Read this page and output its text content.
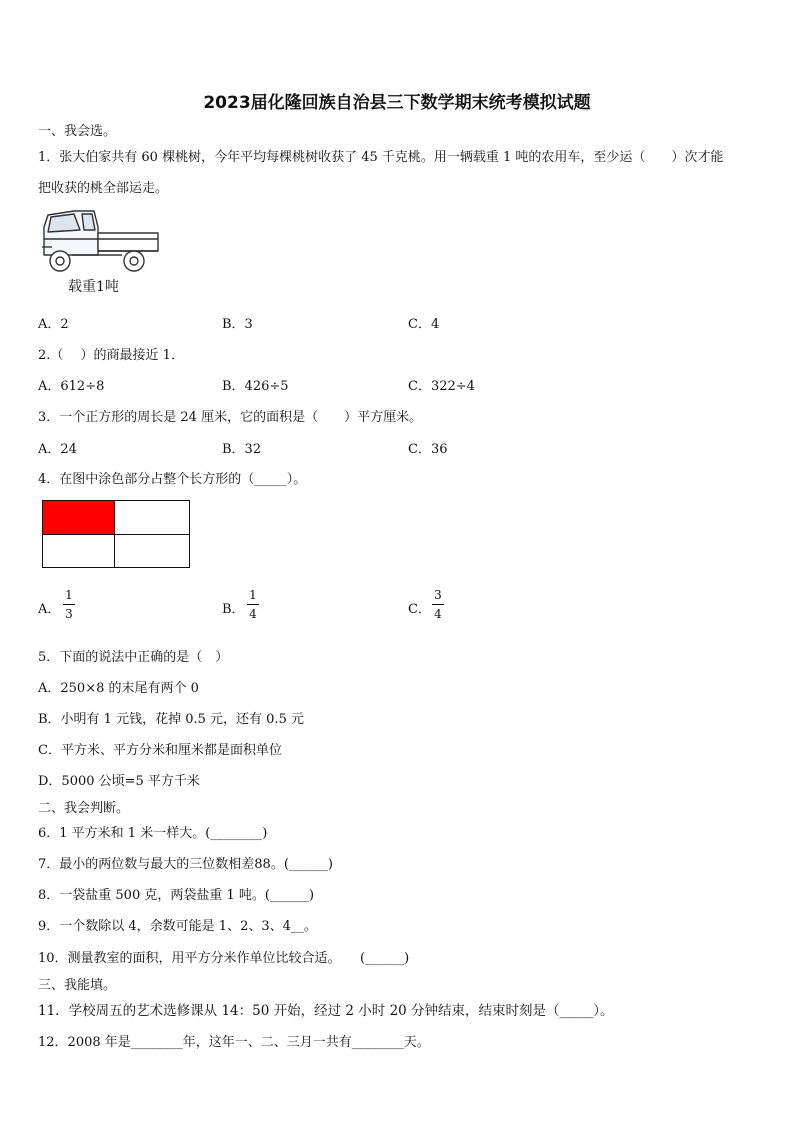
2023届化隆回族自治县三下数学期末统考模拟试题
一、我会选。
1．张大伯家共有 60 棵桃树，今年平均每棵桃树收获了 45 千克桃。用一辆载重 1 吨的农用车，至少运（　　）次才能
把收获的桃全部运走。
载重1吨
A．2	B．3	C．4
2.（　 ）的商最接近 1．
A．612÷8	B．426÷5	C．322÷4
3．一个正方形的周长是 24 厘米，它的面积是（　　）平方厘米。
A．24	B．32	C．36
4．在图中涂色部分占整个长方形的（_____）。
A．
1
3	B．
1
4	C．
3
4
5．下面的说法中正确的是（　）
A．250×8 的末尾有两个 0
B．小明有 1 元钱，花掉 0.5 元，还有 0.5 元
C．平方米、平方分米和厘米都是面积单位
D．5000 公顷=5 平方千米
二、我会判断。
6．1 平方米和 1 米一样大。(________)
7．最小的两位数与最大的三位数相差88。(______)
8．一袋盐重 500 克，两袋盐重 1 吨。(______)
9．一个数除以 4，余数可能是 1、2、3、4__。
10．测量教室的面积，用平方分米作单位比较合适。　　(______)
三、我能填。
11．学校周五的艺术选修课从 14：50 开始，经过 2 小时 20 分钟结束，结束时刻是（_____）。
12．2008 年是________年，这年一、二、三月一共有________天。
